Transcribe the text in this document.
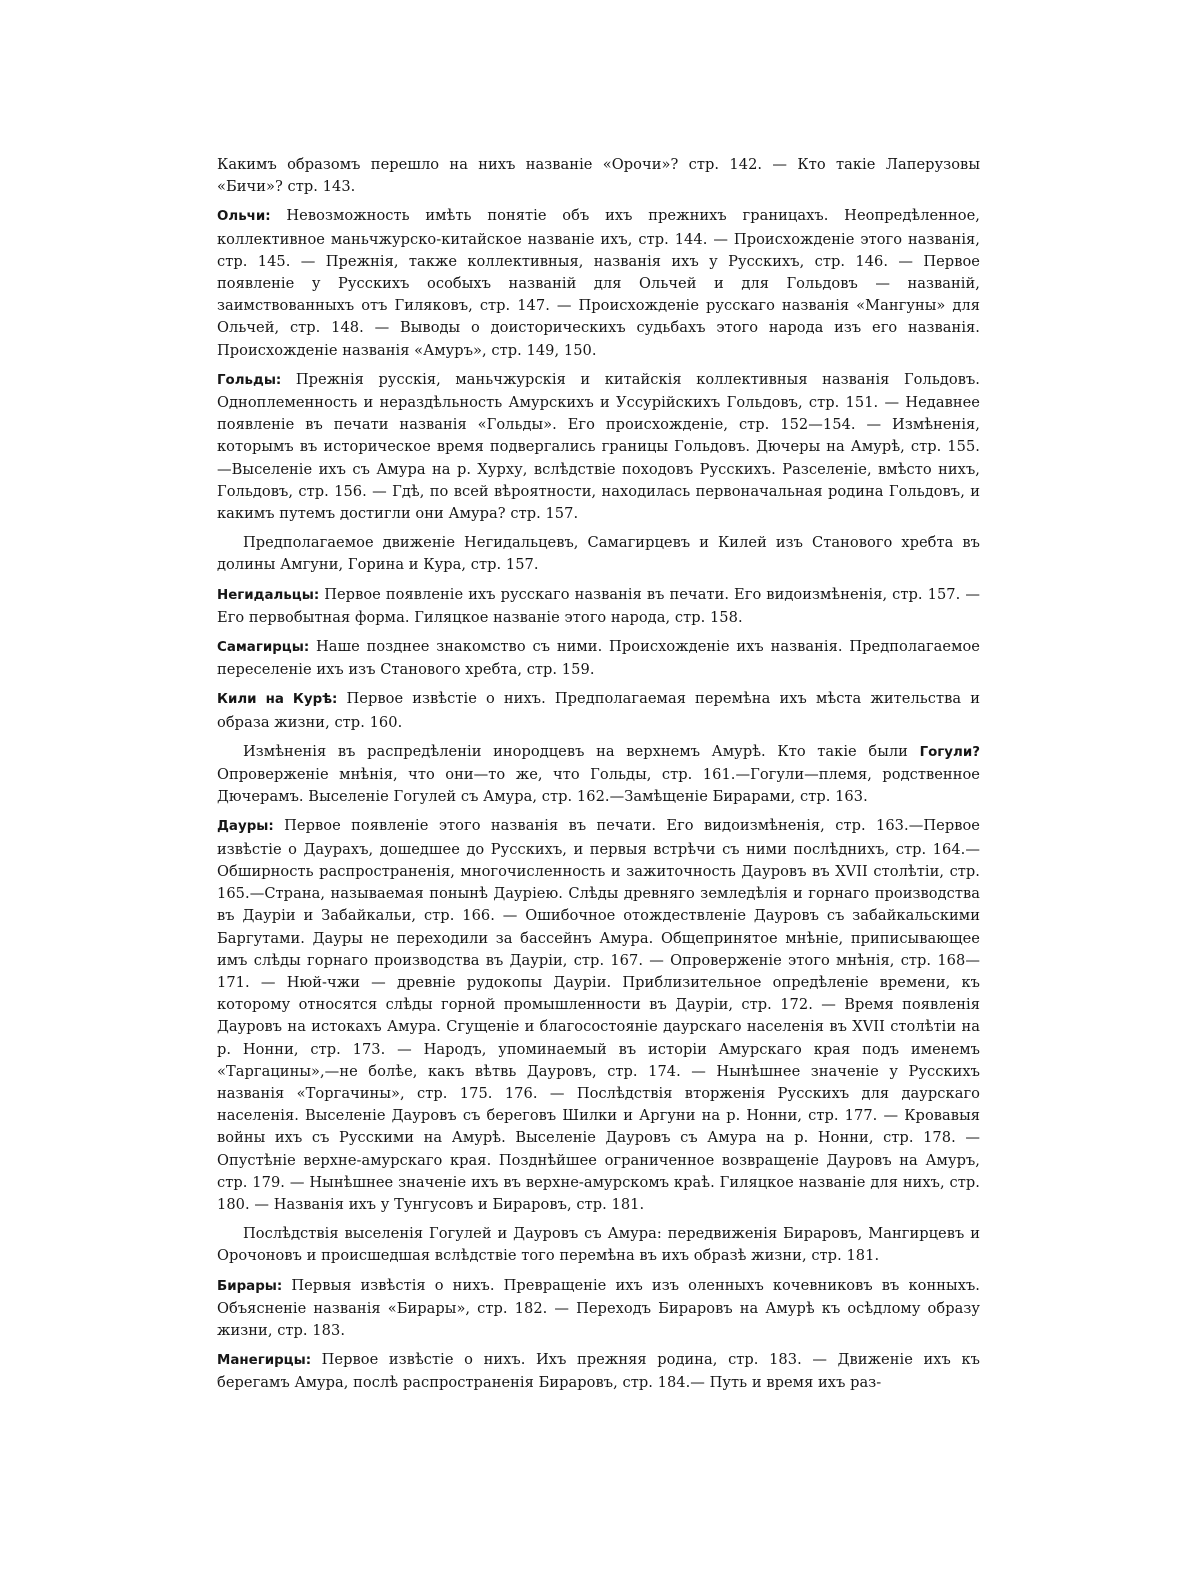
Какимъ образомъ перешло на нихъ названіе «Орочи»? стр. 142. — Кто такіе Лаперузовы «Бичи»? стр. 143.

Ольчи: Невозможность имѣть понятіе объ ихъ прежнихъ границахъ. Неопредѣленное, коллективное маньчжурско-китайское названіе ихъ, стр. 144. — Происхожденіе этого названія, стр. 145. — Прежнія, также коллективныя, названія ихъ у Русскихъ, стр. 146. — Первое появленіе у Русскихъ особыхъ названій для Ольчей и для Гольдовъ — названій, заимствованныхъ отъ Гиляковъ, стр. 147. — Происхожденіе русскаго названія «Мангуны» для Ольчей, стр. 148. — Выводы о доисторическихъ судьбахъ этого народа изъ его названія. Происхожденіе названія «Амуръ», стр. 149, 150.

Гольды: Прежнія русскія, маньчжурскія и китайскія коллективныя названія Гольдовъ. Одноплеменность и нераздѣльность Амурскихъ и Уссурійскихъ Гольдовъ, стр. 151. — Недавнее появленіе въ печати названія «Гольды». Его происхожденіе, стр. 152—154. — Измѣненія, которымъ въ историческое время подвергались границы Гольдовъ. Дючеры на Амурѣ, стр. 155.—Выселеніе ихъ съ Амура на р. Хурху, вслѣдствіе походовъ Русскихъ. Разселеніе, вмѣсто нихъ, Гольдовъ, стр. 156. — Гдѣ, по всей вѣроятности, находилась первоначальная родина Гольдовъ, и какимъ путемъ достигли они Амура? стр. 157.

Предполагаемое движеніе Негидальцевъ, Самагирцевъ и Килей изъ Станового хребта въ долины Амгуни, Горина и Кура, стр. 157.

Негидальцы: Первое появленіе ихъ русскаго названія въ печати. Его видоизмѣненія, стр. 157. — Его первобытная форма. Гиляцкое названіе этого народа, стр. 158.

Самагирцы: Наше позднее знакомство съ ними. Происхожденіе ихъ названія. Предполагаемое переселеніе ихъ изъ Станового хребта, стр. 159.

Кили на Курѣ: Первое извѣстіе о нихъ. Предполагаемая перемѣна ихъ мѣста жительства и образа жизни, стр. 160.

Измѣненія въ распредѣленіи инородцевъ на верхнемъ Амурѣ. Кто такіе были Гогули? Опроверженіе мнѣнія, что они—то же, что Гольды, стр. 161.—Гогули—племя, родственное Дючерамъ. Выселеніе Гогулей съ Амура, стр. 162.—Замѣщеніе Бирарами, стр. 163.

Дауры: Первое появленіе этого названія въ печати. Его видоизмѣненія, стр. 163.—Первое извѣстіе о Даурахъ, дошедшее до Русскихъ, и первыя встрѣчи съ ними послѣднихъ, стр. 164.—Обширность распространенія, многочисленность и зажиточность Дауровъ въ XVII столѣтіи, стр. 165.—Страна, называемая понынѣ Дауріею. Слѣды древняго земледѣлія и горнаго производства въ Дауріи и Забайкальи, стр. 166. — Ошибочное отождествленіе Дауровъ съ забайкальскими Баргутами. Дауры не переходили за бассейнъ Амура. Общепринятое мнѣніе, приписывающее имъ слѣды горнаго производства въ Дауріи, стр. 167. — Опроверженіе этого мнѣнія, стр. 168—171. — Нюй-чжи — древніе рудокопы Дауріи. Приблизительное опредѣленіе времени, къ которому относятся слѣды горной промышленности въ Дауріи, стр. 172. — Время появленія Дауровъ на истокахъ Амура. Сгущеніе и благосостояніе даурскаго населенія въ XVII столѣтіи на р. Нонни, стр. 173. — Народъ, упоминаемый въ исторіи Амурскаго края подъ именемъ «Таргацины»,—не болѣе, какъ вѣтвь Дауровъ, стр. 174. — Нынѣшнее значеніе у Русскихъ названія «Торгачины», стр. 175. 176. — Послѣдствія вторженія Русскихъ для даурскаго населенія. Выселеніе Дауровъ съ береговъ Шилки и Аргуни на р. Нонни, стр. 177. — Кровавыя войны ихъ съ Русскими на Амурѣ. Выселеніе Дауровъ съ Амура на р. Нонни, стр. 178. — Опустѣніе верхне-амурскаго края. Позднѣйшее ограниченное возвращеніе Дауровъ на Амуръ, стр. 179. — Нынѣшнее значеніе ихъ въ верхне-амурскомъ краѣ. Гиляцкое названіе для нихъ, стр. 180. — Названія ихъ у Тунгусовъ и Бираровъ, стр. 181.

Послѣдствія выселенія Гогулей и Дауровъ съ Амура: передвиженія Бираровъ, Мангирцевъ и Орочоновъ и происшедшая вслѣдствіе того перемѣна въ ихъ образѣ жизни, стр. 181.

Бирары: Первыя извѣстія о нихъ. Превращеніе ихъ изъ оленныхъ кочевниковъ въ конныхъ. Объясненіе названія «Бирары», стр. 182. — Переходъ Бираровъ на Амурѣ къ осѣдлому образу жизни, стр. 183.

Манегирцы: Первое извѣстіе о нихъ. Ихъ прежняя родина, стр. 183. — Движеніе ихъ къ берегамъ Амура, послѣ распространенія Бираровъ, стр. 184.— Путь и время ихъ раз-
